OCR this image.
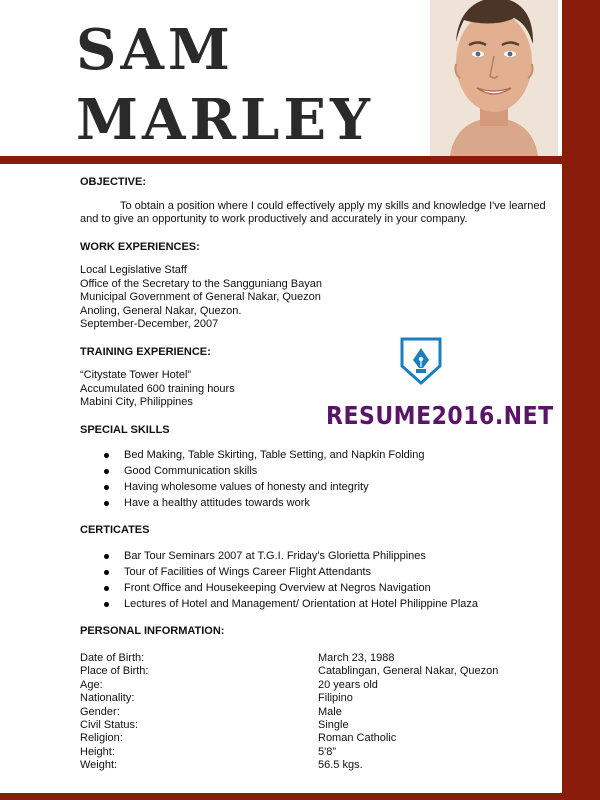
SAM
MARLEY

OBJECTIVE:

To obtain a position where I could effectively apply my skills and knowledge I've learned and to give an opportunity to work productively and accurately in your company.

WORK EXPERIENCES:

Local Legislative Staff
Office of the Secretary to the Sangguniang Bayan
Municipal Government of General Nakar, Quezon
Anoling, General Nakar, Quezon.
September-December, 2007

TRAINING EXPERIENCE:

“Citystate Tower Hotel”
Accumulated 600 training hours
Mabini City, Philippines

SPECIAL SKILLS

Bed Making, Table Skirting, Table Setting, and Napkin Folding
Good Communication skills
Having wholesome values of honesty and integrity
Have a healthy attitudes towards work

CERTICATES

Bar Tour Seminars 2007 at T.G.I. Friday's Glorietta Philippines
Tour of Facilities of Wings Career Flight Attendants
Front Office and Housekeeping Overview at Negros Navigation
Lectures of Hotel and Management/ Orientation at Hotel Philippine Plaza

PERSONAL INFORMATION:

Date of Birth:	March 23, 1988
Place of Birth:	Catablingan, General Nakar, Quezon
Age:	20 years old
Nationality:	Filipino
Gender:	Male
Civil Status:	Single
Religion:	Roman Catholic
Height:	5'8”
Weight:	56.5 kgs.
RESUME2016.NET
